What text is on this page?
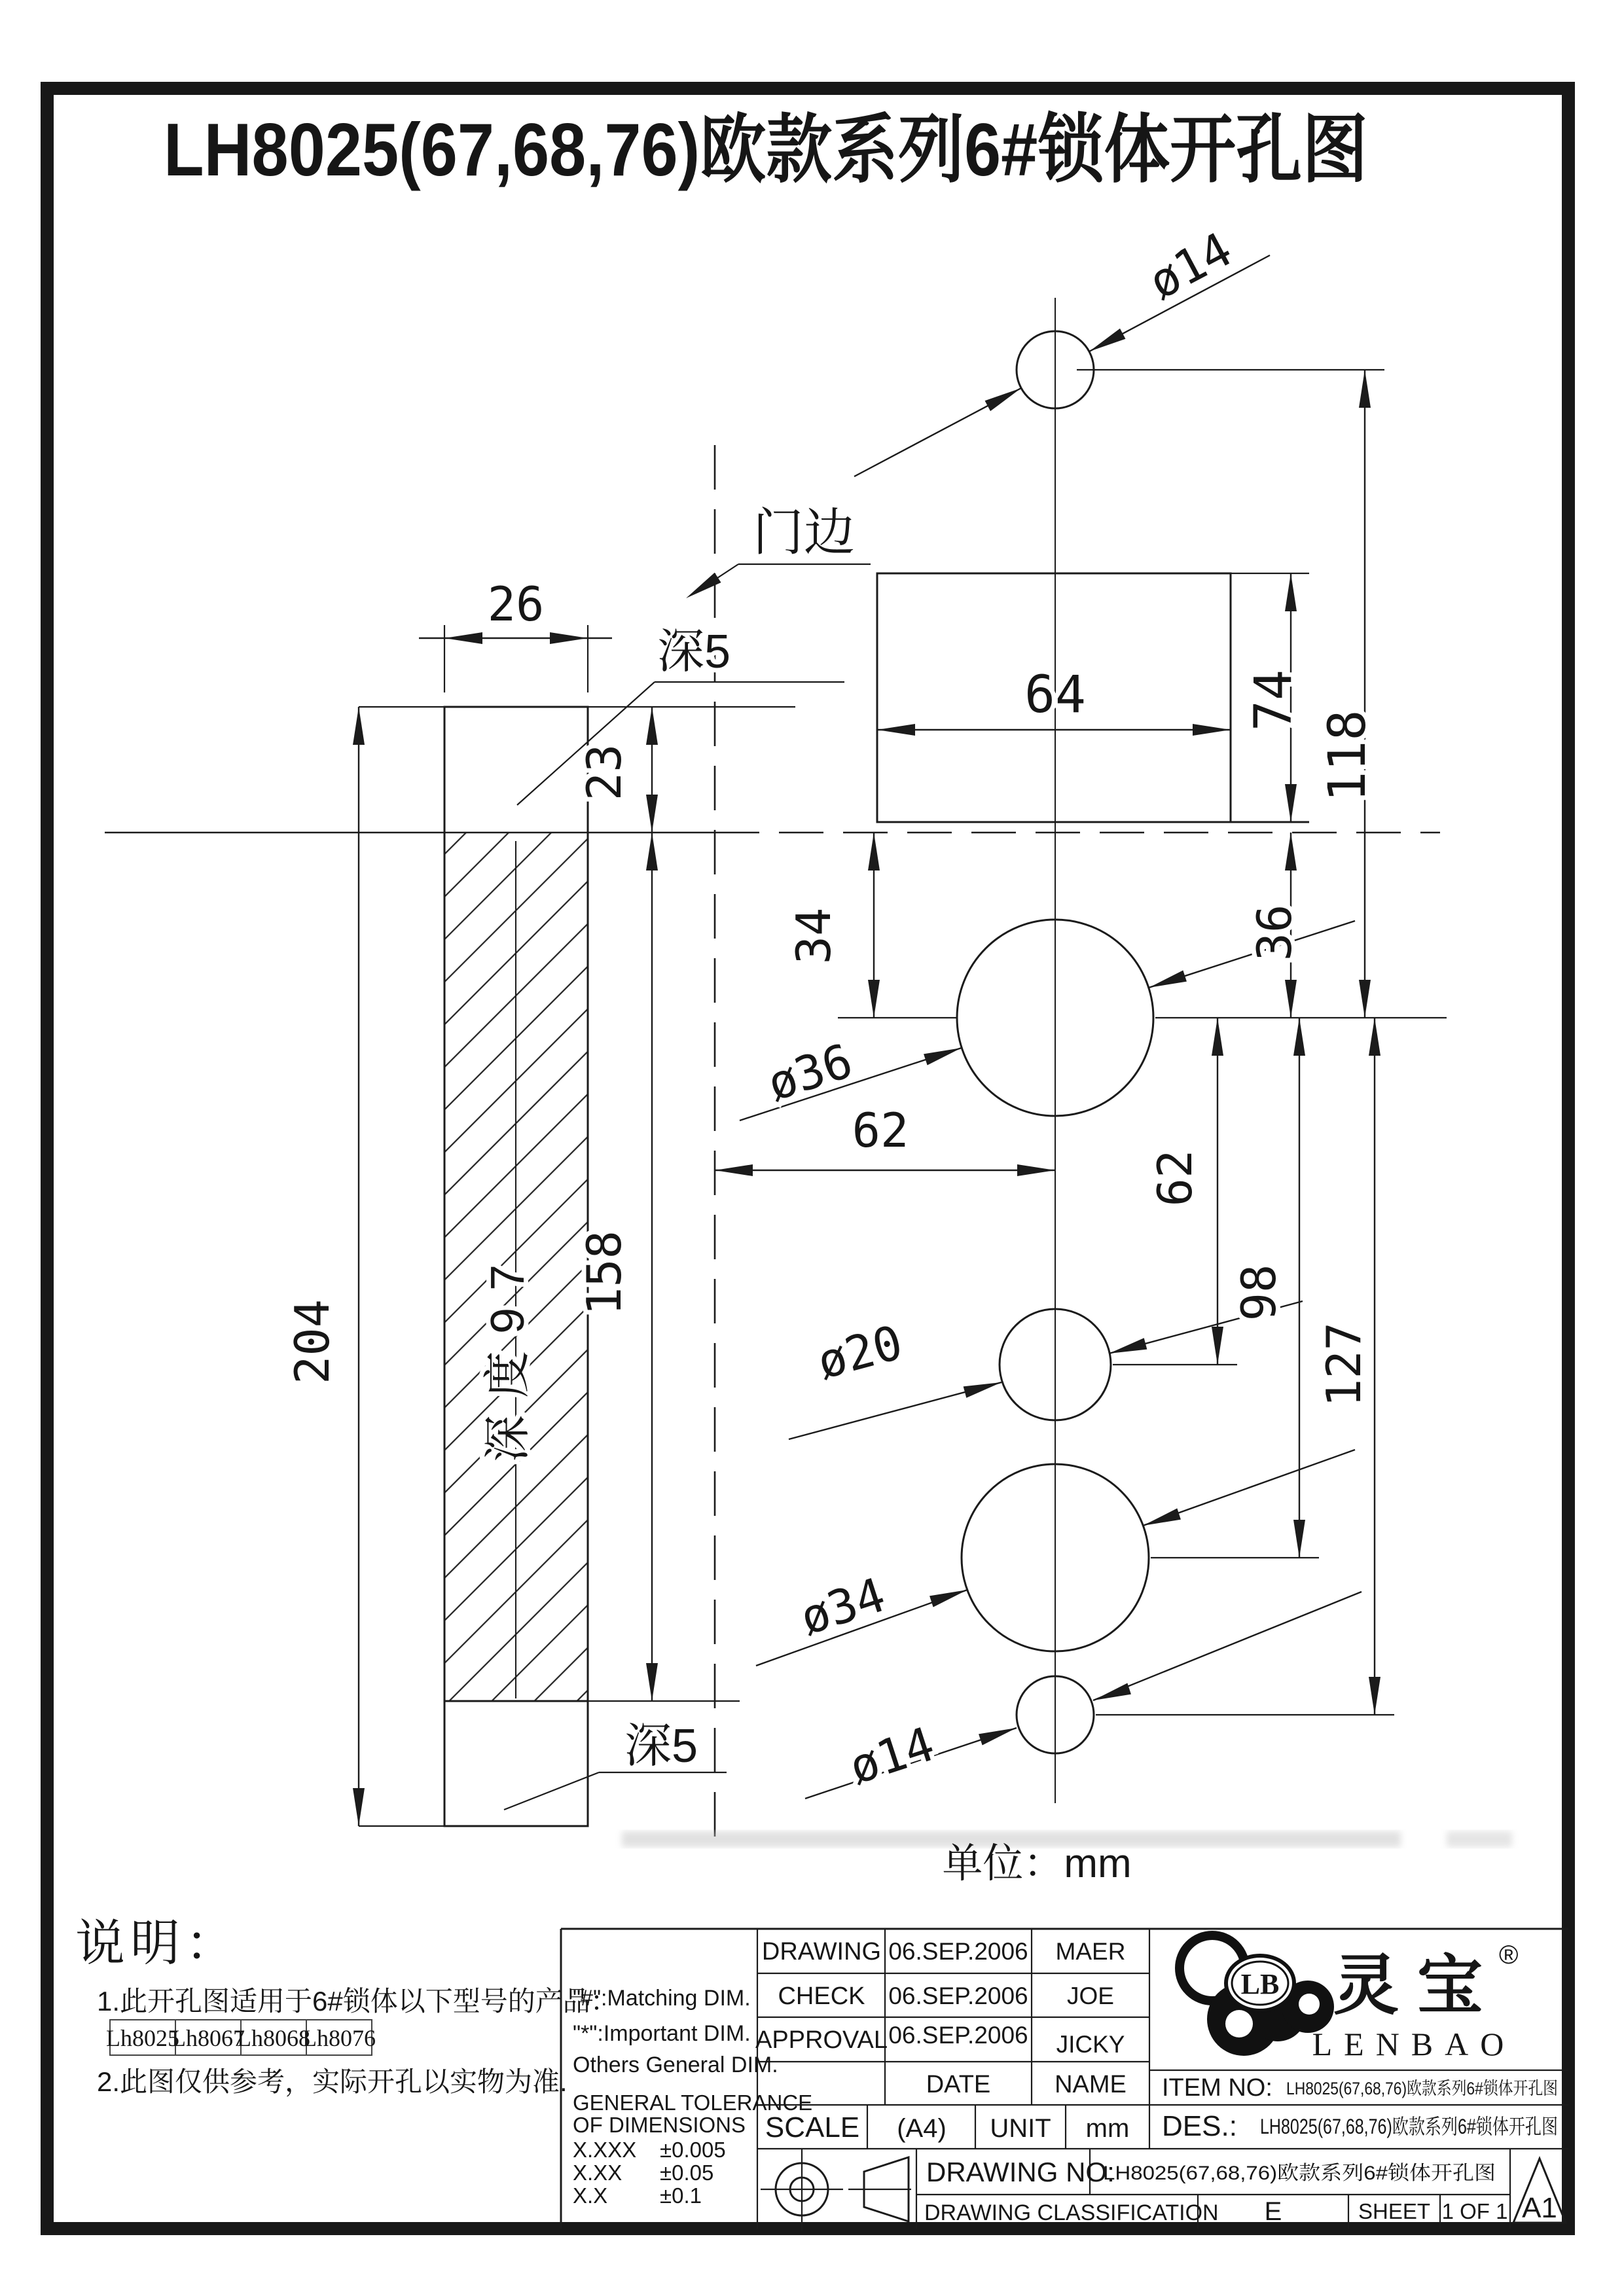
LH8025(67,68,76)欧款系列6#锁体开孔图
深度97
门边
ø14
64
ø36
ø20
ø34
ø14
26
23
158
204
深5
深5
74
118
34	36
62
62
98
127
单位：mm
说明：
1.此开孔图适用于6#锁体以下型号的产品：
Lh8025
Lh8067
Lh8068
Lh8076
2.此图仅供参考，实际开孔以实物为准.
"#":Matching DIM.
"*":Important DIM.
Others General DIM.
GENERAL TOLERANCE
OF DIMENSIONS
X.XXX ±0.005
X.XX ±0.05
X.X ±0.1
DRAWING 06.SEP.2006 MAER
CHECK 06.SEP.2006 JOE
APPROVAL 06.SEP.2006 JICKY
DATE	NAME
SCALE (A4) UNIT mm
DRAWING NO:
LH8025(67,68,76)欧款系列6#锁体开孔图
DRAWING CLASSIFICATION E	SHEET 1 OF 1
ITEM NO: LH8025(67,68,76)欧款系列6#锁体开孔图
DES.: LH8025(67,68,76)欧款系列6#锁体开孔图
A1
LB 灵宝
®
LENBAO
